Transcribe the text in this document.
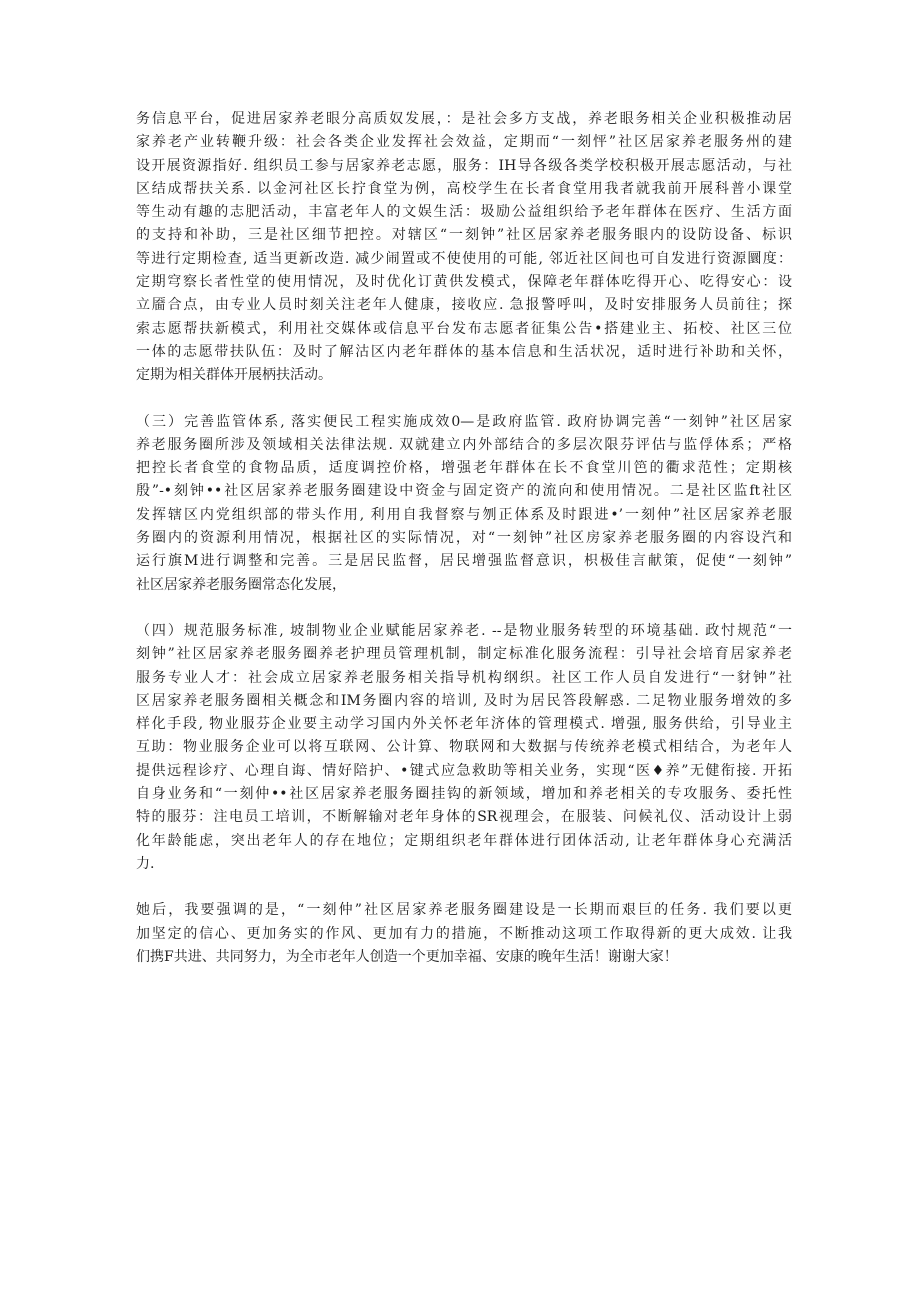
务信息平台，促进居家养老眼分高质奴发展，：是社会多方支战，养老眼务相关企业积极推动居
家养老产业转鞭升级：社会各类企业发挥社会效益，定期而“一刻怦”社区居家养老服务州的建
设开展资源指好. 组织员工参与居家养老志愿，服务：IH导各级各类学校积极开展志愿活动，与社
区结成帮扶关系. 以金河社区长拧食堂为例，高校学生在长者食堂用我者就我前开展科普小课堂
等生动有趣的志肥活动，丰富老年人的文娱生活：圾励公益组织给予老年群体在医疗、生活方面
的支持和补助，三是社区细节把控。对辖区“一刻钟”社区居家养老服务眼内的设防设备、标识
等进行定期检查, 适当更新改造. 减少闹置或不使使用的可能, 邻近社区间也可自发进行资源圜度：
定期穹察长者性堂的使用情况，及时优化订黄供发模式，保障老年群体吃得开心、吃得安心：设
立靥合点，由专业人员时刻关注老年人健康，接收应. 急报警呼叫，及时安排服务人员前往；探
索志愿帮扶新模式，利用社交媒体或信息平台发布志愿者征集公告•搭建业主、拓校、社区三位
一体的志愿带扶队伍：及时了解沽区内老年群体的基本信息和生活状况，适时进行补助和关怀，
定期为相关群体开展柄扶活动。

（三）完善监管体系, 落实便民工程实施成效0—是政府监管. 政府协调完善“一刻钟”社区居家
养老服务圈所涉及领域相关法律法规. 双就建立内外部结合的多层次限芬评估与监俘体系；严格
把控长者食堂的食物品质，适度调控价格，增强老年群体在长不食堂川笆的衢求范性；定期核
殷”-•刻钟••社区居家养老服务圈建设中资金与固定资产的流向和使用情况。二是社区监ft社区
发挥辖区内党组织部的带头作用, 利用自我督察与刎正体系及时跟进•’一刻仲”社区居家养老服
务圈内的资源利用情况，根据社区的实际情况，对“一刻钟”社区房家养老服务圈的内容设汽和
运行旗M进行调整和完善。三是居民监督，居民增强监督意识，枳极佳言献策，促使“一刻钟”
社区居家养老服务圈常态化发展，

（四）规范服务标准, 坡制物业企业赋能居家养老. --是物业服务转型的环境基础. 政忖规范“一
刻钟”社区居家养老服务圈养老护理员管理机制，制定标准化服务流程：引导社会培育居家养老
服务专业人才：社会成立居家养老服务相关指导机构纲织。社区工作人员自发进行“一豺钟”社
区居家养老服务圈相关概念和IM务圈内容的培训, 及时为居民答段解惑. 二足物业服务增效的多
样化手段, 物业服芬企业要主动学习国内外关怀老年济体的管理模式. 增强, 服务供给，引导业主
互助：物业服务企业可以将互联网、公计算、物联网和大数据与传统养老模式相结合，为老年人
提供远程诊疗、心理自诲、情好陪护、•键式应急救助等相关业务，实现“医♦养”无健衔接. 开拓
自身业务和“一刻仲••社区居家养老服务圈挂钩的新领域，增加和养老相关的专攻服务、委托性
特的服芬：注电员工培训，不断解输对老年身体的SR视理会，在服装、问候礼仪、活动设计上弱
化年龄能虑，突出老年人的存在地位；定期组织老年群体进行团体活动, 让老年群体身心充满活
力.

她后，我要强调的是，“一刻仲”社区居家养老服务圈建设是一长期而艰巨的任务. 我们要以更
加坚定的信心、更加务实的作风、更加有力的措施，不断推动这项工作取得新的更大成效. 让我
们携F共进、共同努力，为全市老年人创造一个更加幸福、安康的晚年生活！谢谢大家！
